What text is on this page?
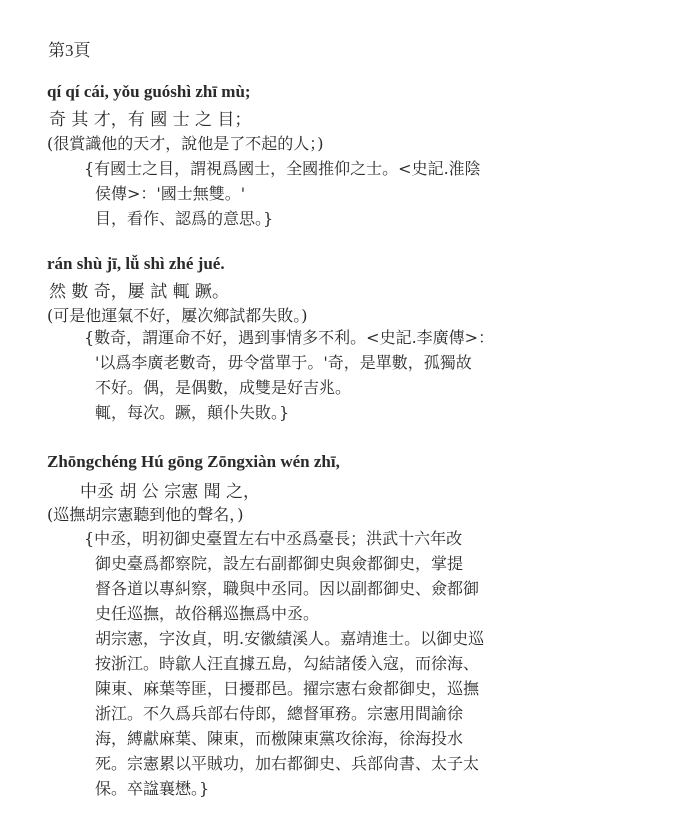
第3頁
qí qí cái, yǒu guóshì zhī mù;
奇 其 才，有 國 士 之 目；
(很賞識他的天才，說他是了不起的人；)
{有國士之目，謂視爲國士，全國推仰之士。<史記.淮陰
侯傳>：'國士無雙。'
目，看作、認爲的意思。}
rán shù jī, lǚ shì zhé jué.
然 數 奇，屢 試 輒 蹶。
(可是他運氣不好，屢次鄉試都失敗。)
{數奇，謂運命不好，遇到事情多不利。<史記.李廣傳>：
'以爲李廣老數奇，毋令當單于。'奇，是單數，孤獨故
不好。偶，是偶數，成雙是好吉兆。
輒，每次。蹶，顛仆失敗。}
Zhōngchéng Hú gōng Zōngxiàn wén zhī,
中丞 胡 公 宗憲 聞 之，
(巡撫胡宗憲聽到他的聲名，)
{中丞，明初御史臺置左右中丞爲臺長；洪武十六年改
御史臺爲都察院，設左右副都御史與僉都御史，掌提
督各道以專糾察，職與中丞同。因以副都御史、僉都御
史任巡撫，故俗稱巡撫爲中丞。
胡宗憲，字汝貞，明.安徽績溪人。嘉靖進士。以御史巡
按浙江。時歙人汪直據五島，勾結諸倭入寇，而徐海、
陳東、麻葉等匪，日擾郡邑。擢宗憲右僉都御史，巡撫
浙江。不久爲兵部右侍郎，總督軍務。宗憲用間諭徐
海，縛獻麻葉、陳東，而檄陳東黨攻徐海，徐海投水
死。宗憲累以平賊功，加右都御史、兵部尙書、太子太
保。卒諡襄懋。}
